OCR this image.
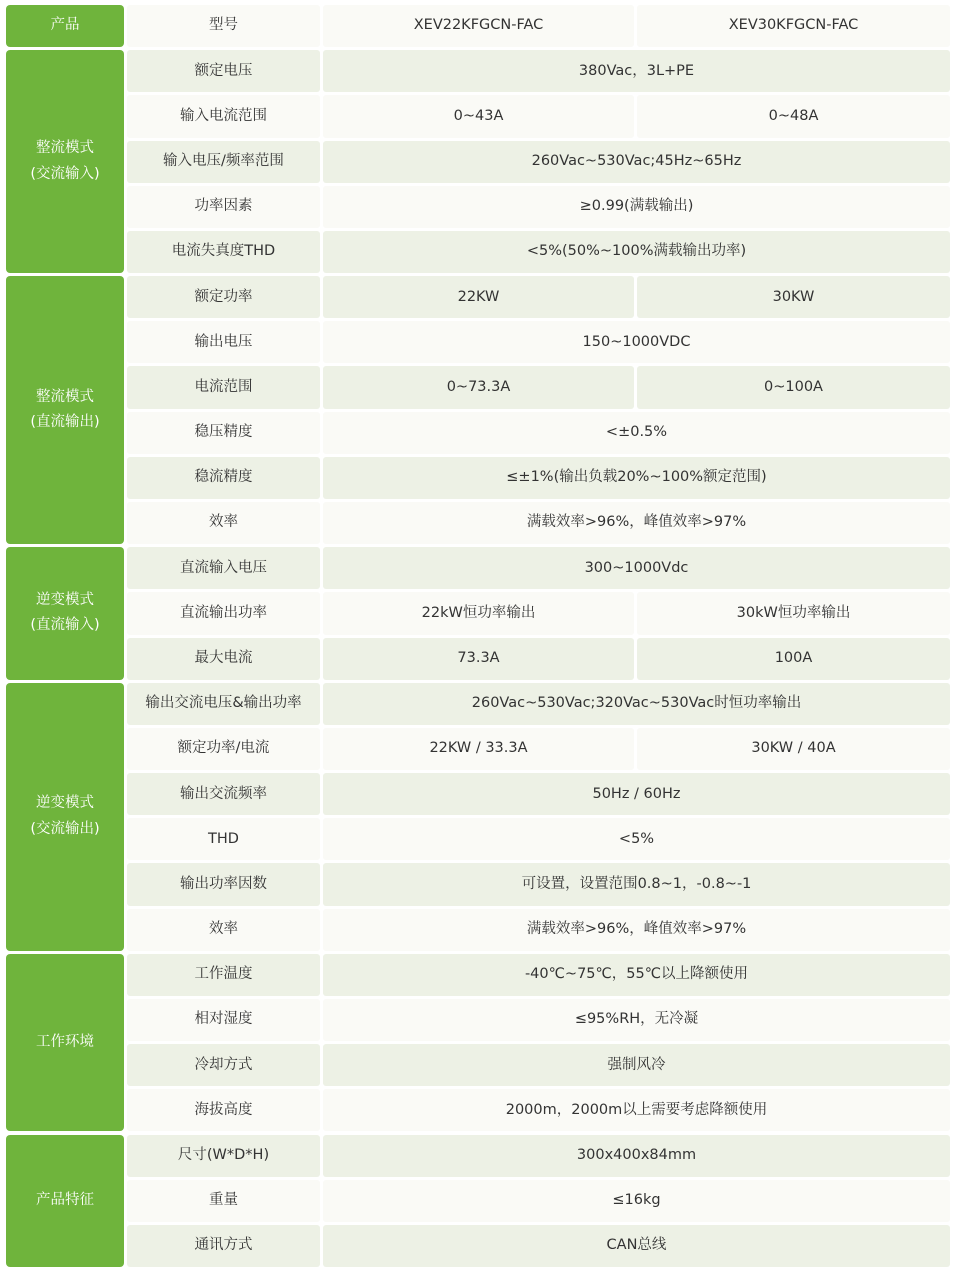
产品	型号	XEV22KFGCN-FAC	XEV30KFGCN-FAC
整流模式
(交流输入)
额定电压	380Vac，3L+PE
输入电流范围	0~43A	0~48A
输入电压/频率范围	260Vac~530Vac;45Hz~65Hz
功率因素	≥0.99(满载输出)
电流失真度THD	<5%(50%~100%满载输出功率)
整流模式
(直流输出)
额定功率	22KW	30KW
输出电压	150~1000VDC
电流范围	0~73.3A	0~100A
稳压精度	<±0.5%
稳流精度	≤±1%(输出负载20%~100%额定范围)
效率	满载效率>96%，峰值效率>97%
逆变模式
(直流输入)
直流输入电压	300~1000Vdc
直流输出功率	22kW恒功率输出	30kW恒功率输出
最大电流	73.3A	100A
逆变模式
(交流输出)
输出交流电压&输出功率	260Vac~530Vac;320Vac~530Vac时恒功率输出
额定功率/电流	22KW / 33.3A	30KW / 40A
输出交流频率	50Hz / 60Hz
THD	<5%
输出功率因数	可设置，设置范围0.8~1，-0.8~-1
效率	满载效率>96%，峰值效率>97%
工作环境
工作温度	-40℃~75℃，55℃以上降额使用
相对湿度	≤95%RH，无冷凝
冷却方式	强制风冷
海拔高度	2000m，2000m以上需要考虑降额使用
产品特征
尺寸(W*D*H)	300x400x84mm
重量	≤16kg
通讯方式	CAN总线
